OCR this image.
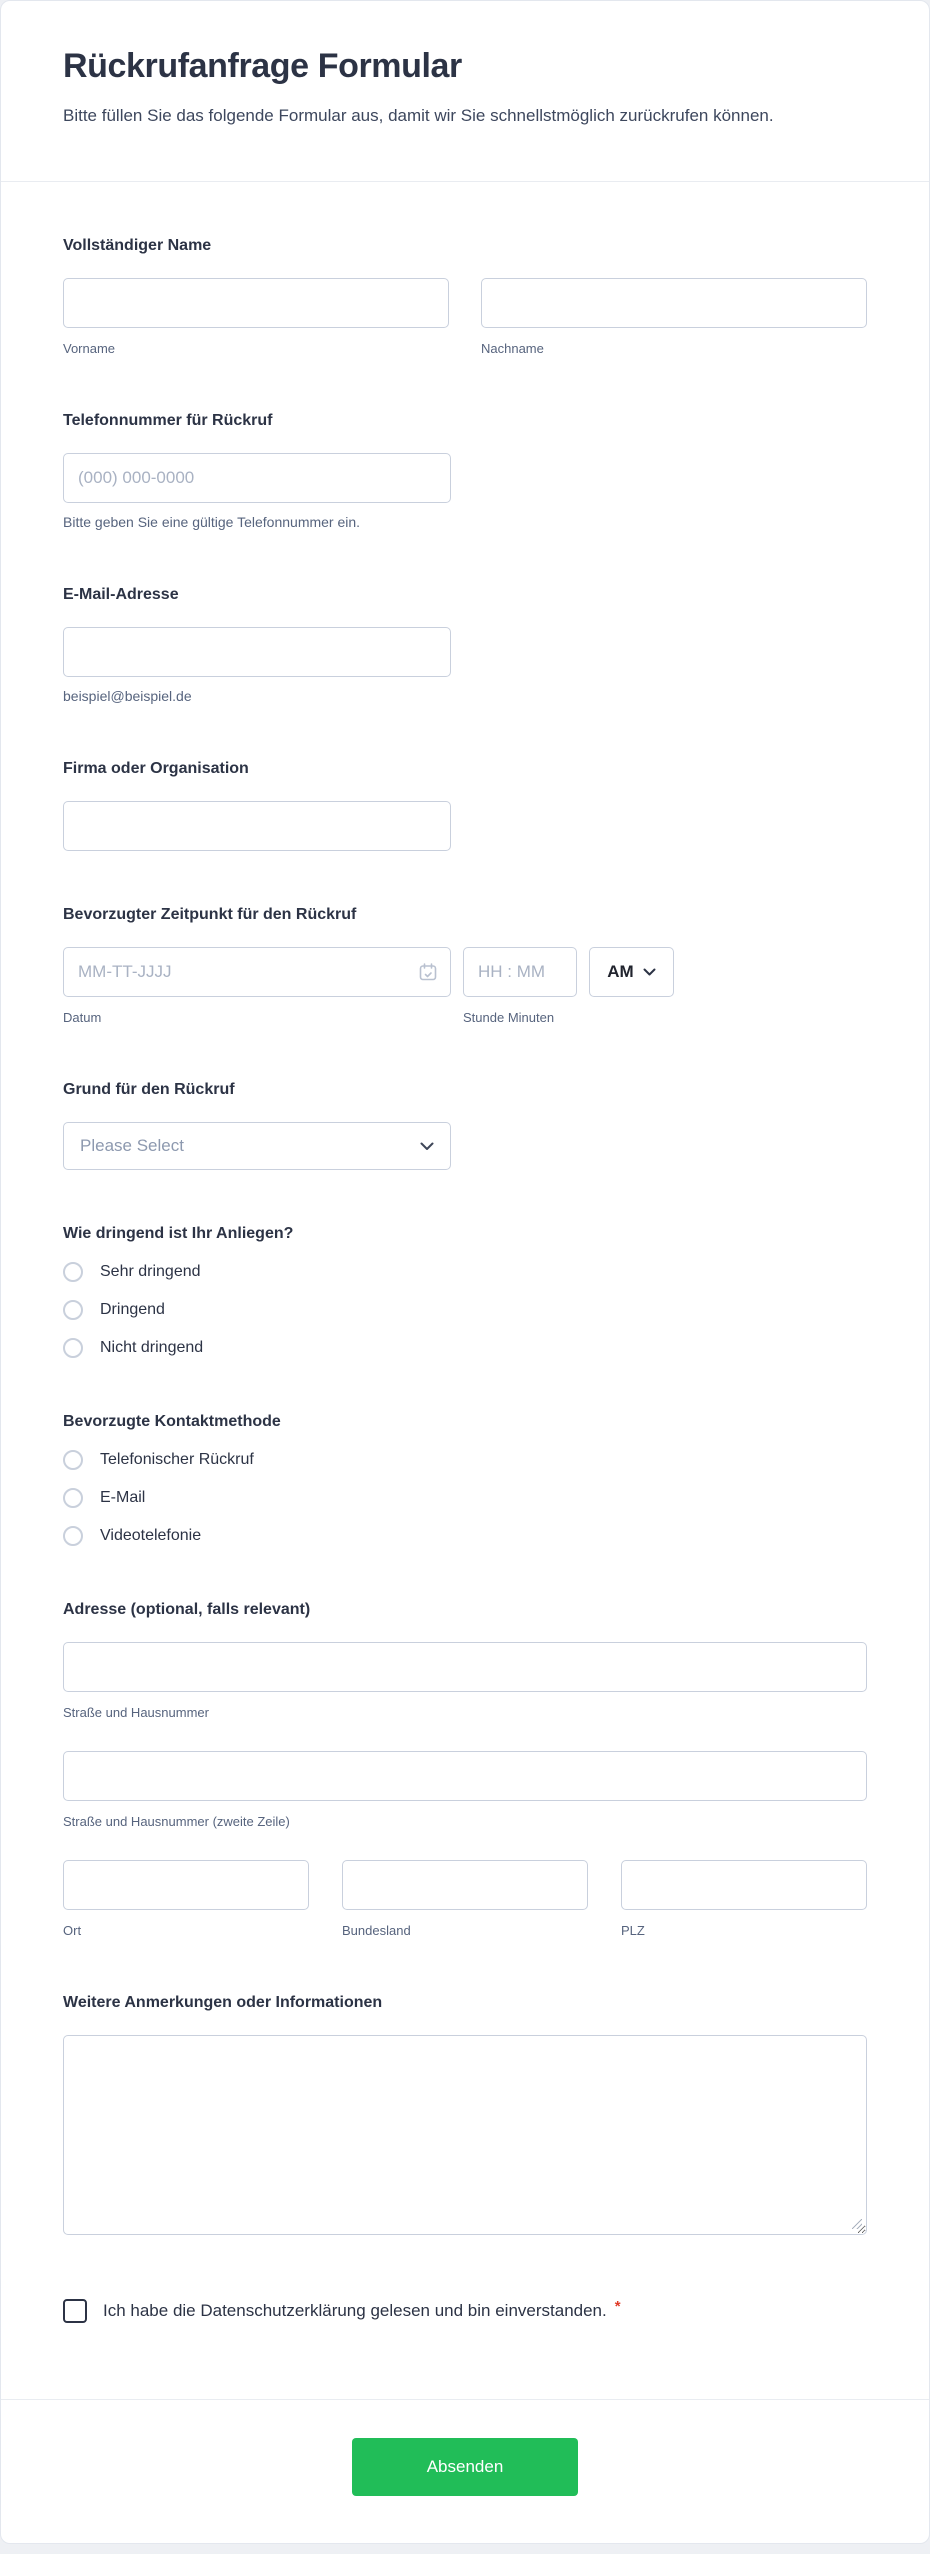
Rückrufanfrage Formular
Bitte füllen Sie das folgende Formular aus, damit wir Sie schnellstmöglich zurückrufen können.
Vollständiger Name
Vorname	Nachname
Telefonnummer für Rückruf
(000) 000-0000
Bitte geben Sie eine gültige Telefonnummer ein.
E-Mail-Adresse
beispiel@beispiel.de
Firma oder Organisation
Bevorzugter Zeitpunkt für den Rückruf
MM-TT-JJJJ
HH : MM
AM
Datum	Stunde Minuten
Grund für den Rückruf
Please Select
Wie dringend ist Ihr Anliegen?
Sehr dringend
Dringend
Nicht dringend
Bevorzugte Kontaktmethode
Telefonischer Rückruf
E-Mail
Videotelefonie
Adresse (optional, falls relevant)
Straße und Hausnummer
Straße und Hausnummer (zweite Zeile)
Ort	Bundesland	PLZ
Weitere Anmerkungen oder Informationen
Ich habe die Datenschutzerklärung gelesen und bin einverstanden. *
Absenden
